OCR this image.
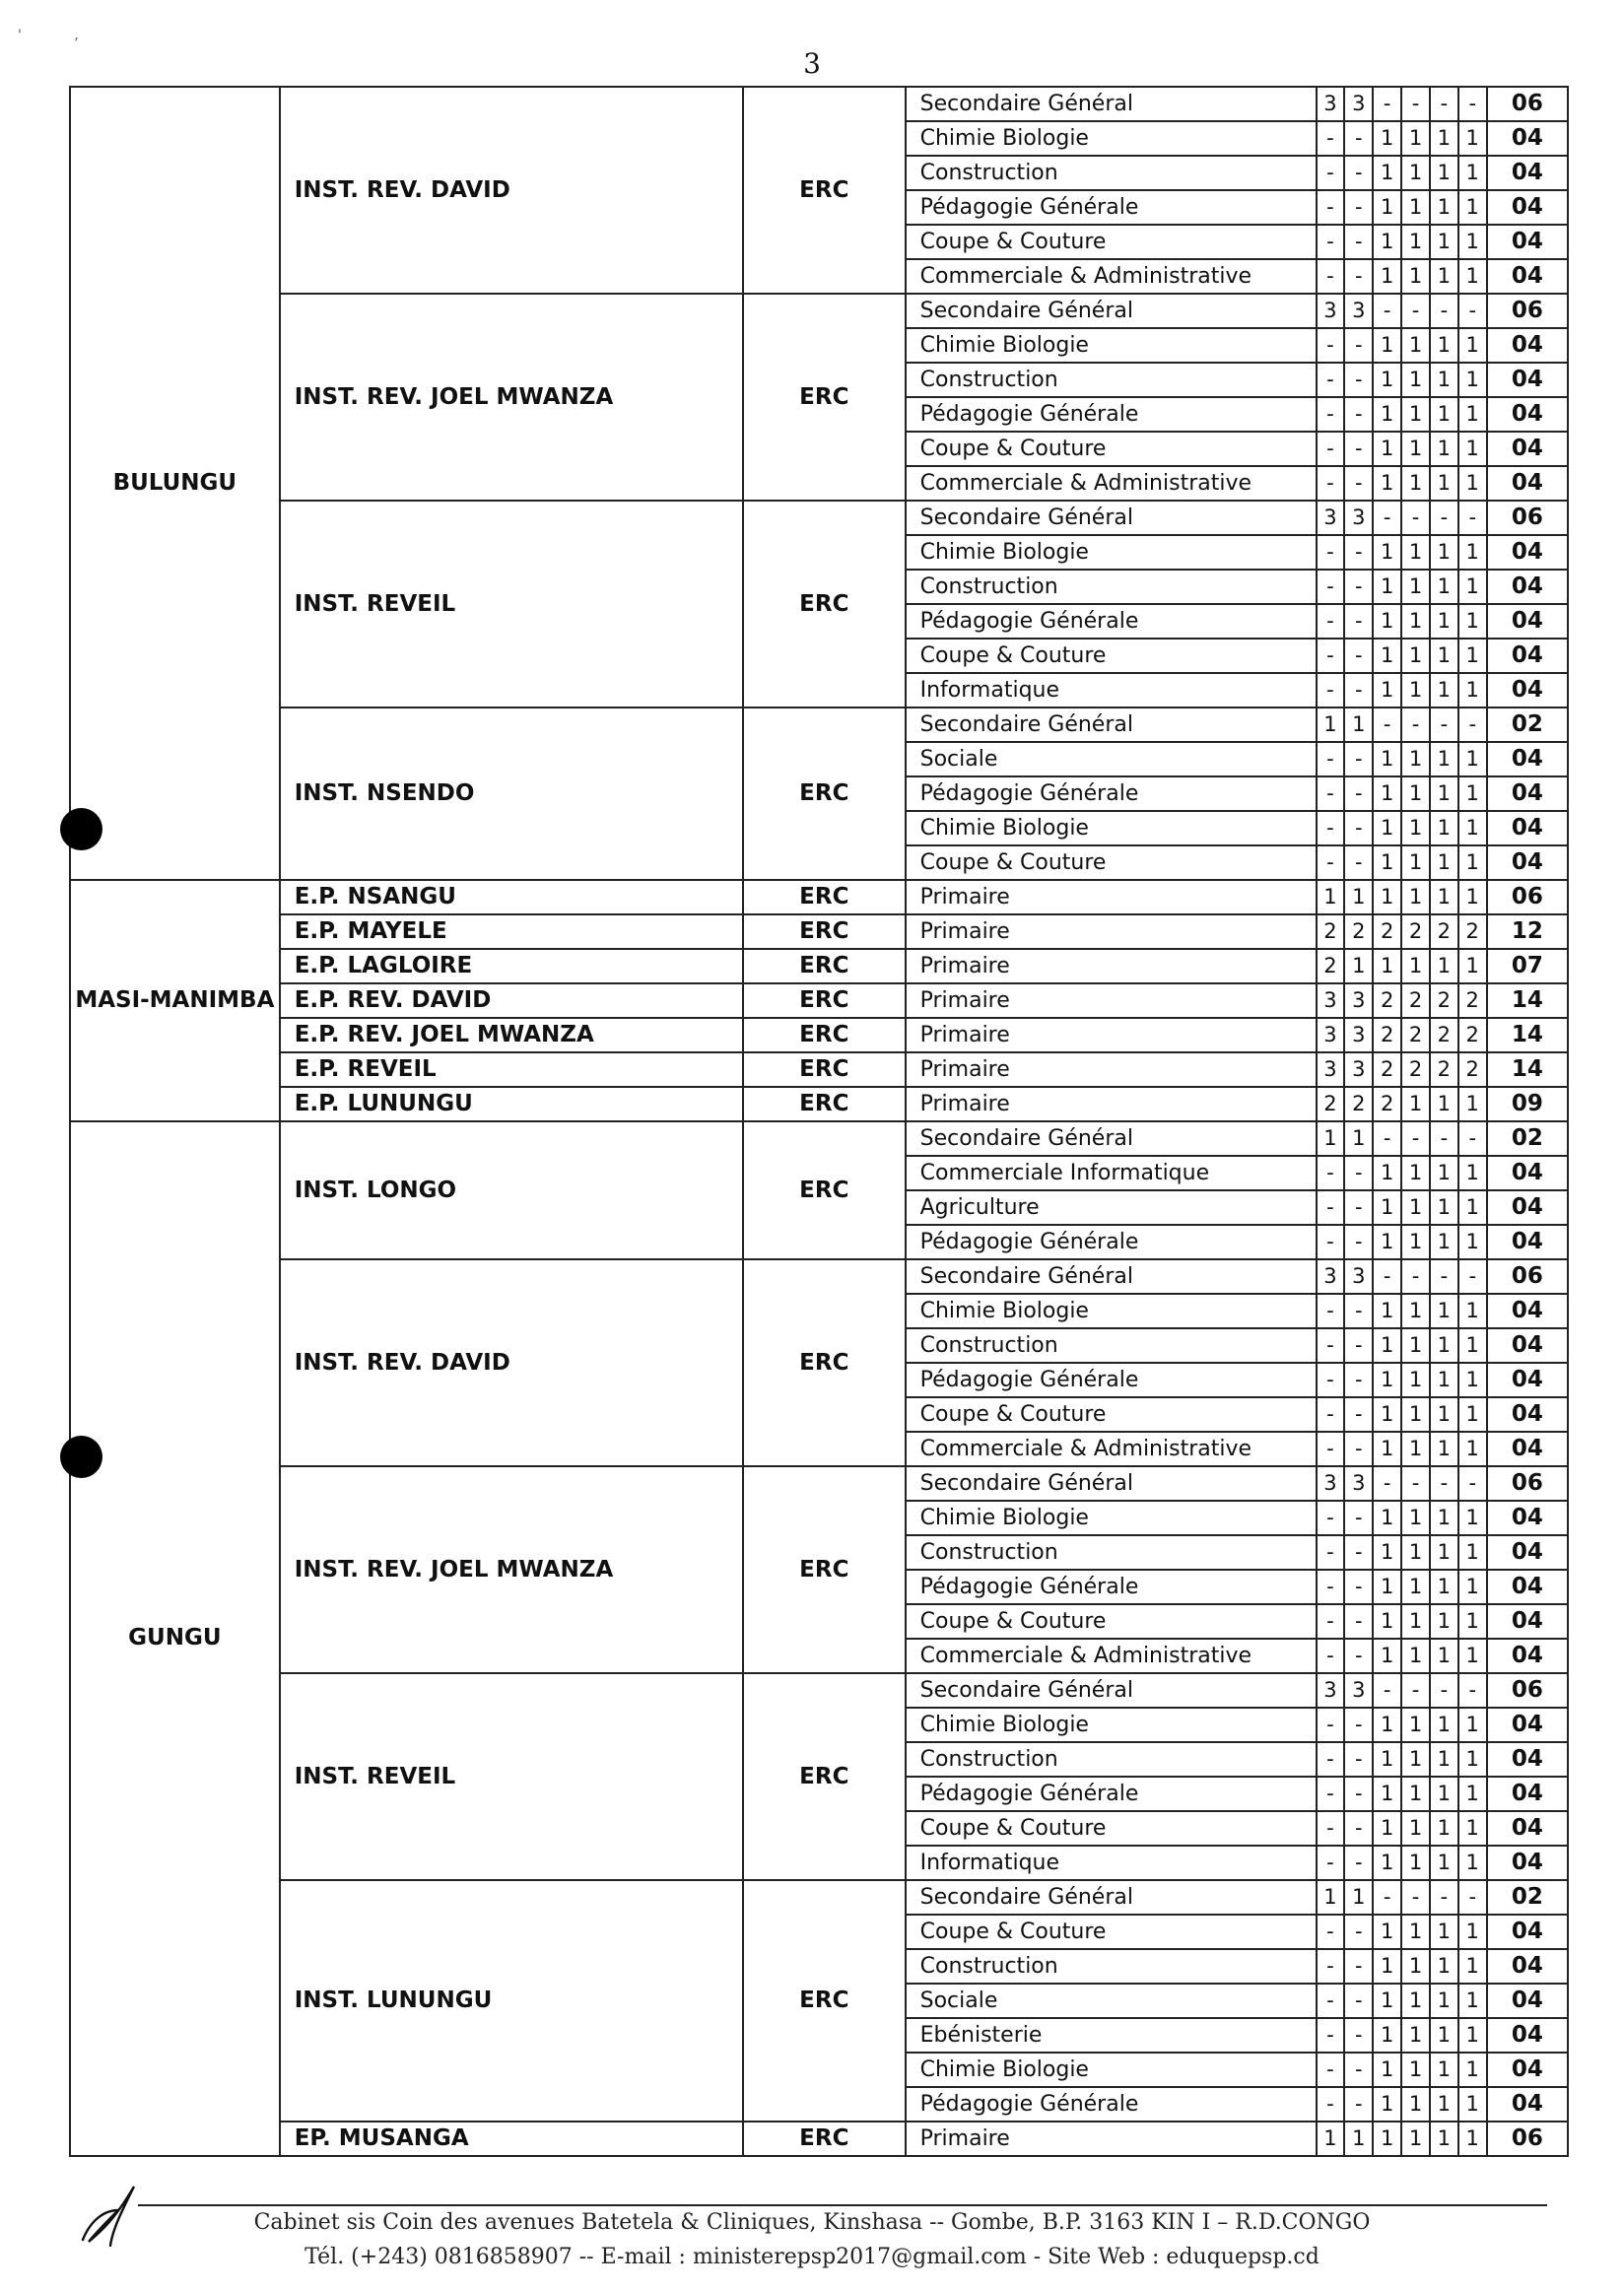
'            ,
3
BULUNGU	INST. REV. DAVID	ERC	Secondaire Général	3	3	-	-	-	-	06
			Chimie Biologie	-	-	1	1	1	1	04
			Construction	-	-	1	1	1	1	04
			Pédagogie Générale	-	-	1	1	1	1	04
			Coupe & Couture	-	-	1	1	1	1	04
			Commerciale & Administrative	-	-	1	1	1	1	04
	INST. REV. JOEL MWANZA	ERC	Secondaire Général	3	3	-	-	-	-	06
			Chimie Biologie	-	-	1	1	1	1	04
			Construction	-	-	1	1	1	1	04
			Pédagogie Générale	-	-	1	1	1	1	04
			Coupe & Couture	-	-	1	1	1	1	04
			Commerciale & Administrative	-	-	1	1	1	1	04
	INST. REVEIL	ERC	Secondaire Général	3	3	-	-	-	-	06
			Chimie Biologie	-	-	1	1	1	1	04
			Construction	-	-	1	1	1	1	04
			Pédagogie Générale	-	-	1	1	1	1	04
			Coupe & Couture	-	-	1	1	1	1	04
			Informatique	-	-	1	1	1	1	04
	INST. NSENDO	ERC	Secondaire Général	1	1	-	-	-	-	02
			Sociale	-	-	1	1	1	1	04
			Pédagogie Générale	-	-	1	1	1	1	04
			Chimie Biologie	-	-	1	1	1	1	04
			Coupe & Couture	-	-	1	1	1	1	04
MASI-MANIMBA	E.P. NSANGU	ERC	Primaire	1	1	1	1	1	1	06
	E.P. MAYELE	ERC	Primaire	2	2	2	2	2	2	12
	E.P. LAGLOIRE	ERC	Primaire	2	1	1	1	1	1	07
	E.P. REV. DAVID	ERC	Primaire	3	3	2	2	2	2	14
	E.P. REV. JOEL MWANZA	ERC	Primaire	3	3	2	2	2	2	14
	E.P. REVEIL	ERC	Primaire	3	3	2	2	2	2	14
	E.P. LUNUNGU	ERC	Primaire	2	2	2	1	1	1	09
GUNGU	INST. LONGO	ERC	Secondaire Général	1	1	-	-	-	-	02
			Commerciale Informatique	-	-	1	1	1	1	04
			Agriculture	-	-	1	1	1	1	04
			Pédagogie Générale	-	-	1	1	1	1	04
	INST. REV. DAVID	ERC	Secondaire Général	3	3	-	-	-	-	06
			Chimie Biologie	-	-	1	1	1	1	04
			Construction	-	-	1	1	1	1	04
			Pédagogie Générale	-	-	1	1	1	1	04
			Coupe & Couture	-	-	1	1	1	1	04
			Commerciale & Administrative	-	-	1	1	1	1	04
	INST. REV. JOEL MWANZA	ERC	Secondaire Général	3	3	-	-	-	-	06
			Chimie Biologie	-	-	1	1	1	1	04
			Construction	-	-	1	1	1	1	04
			Pédagogie Générale	-	-	1	1	1	1	04
			Coupe & Couture	-	-	1	1	1	1	04
			Commerciale & Administrative	-	-	1	1	1	1	04
	INST. REVEIL	ERC	Secondaire Général	3	3	-	-	-	-	06
			Chimie Biologie	-	-	1	1	1	1	04
			Construction	-	-	1	1	1	1	04
			Pédagogie Générale	-	-	1	1	1	1	04
			Coupe & Couture	-	-	1	1	1	1	04
			Informatique	-	-	1	1	1	1	04
	INST. LUNUNGU	ERC	Secondaire Général	1	1	-	-	-	-	02
			Coupe & Couture	-	-	1	1	1	1	04
			Construction	-	-	1	1	1	1	04
			Sociale	-	-	1	1	1	1	04
			Ebénisterie	-	-	1	1	1	1	04
			Chimie Biologie	-	-	1	1	1	1	04
			Pédagogie Générale	-	-	1	1	1	1	04
	EP. MUSANGA	ERC	Primaire	1	1	1	1	1	1	06
Cabinet sis Coin des avenues Batetela & Cliniques, Kinshasa -- Gombe, B.P. 3163 KIN I – R.D.CONGO
Tél. (+243) 0816858907 -- E-mail : ministerepsp2017@gmail.com - Site Web : eduquepsp.cd
